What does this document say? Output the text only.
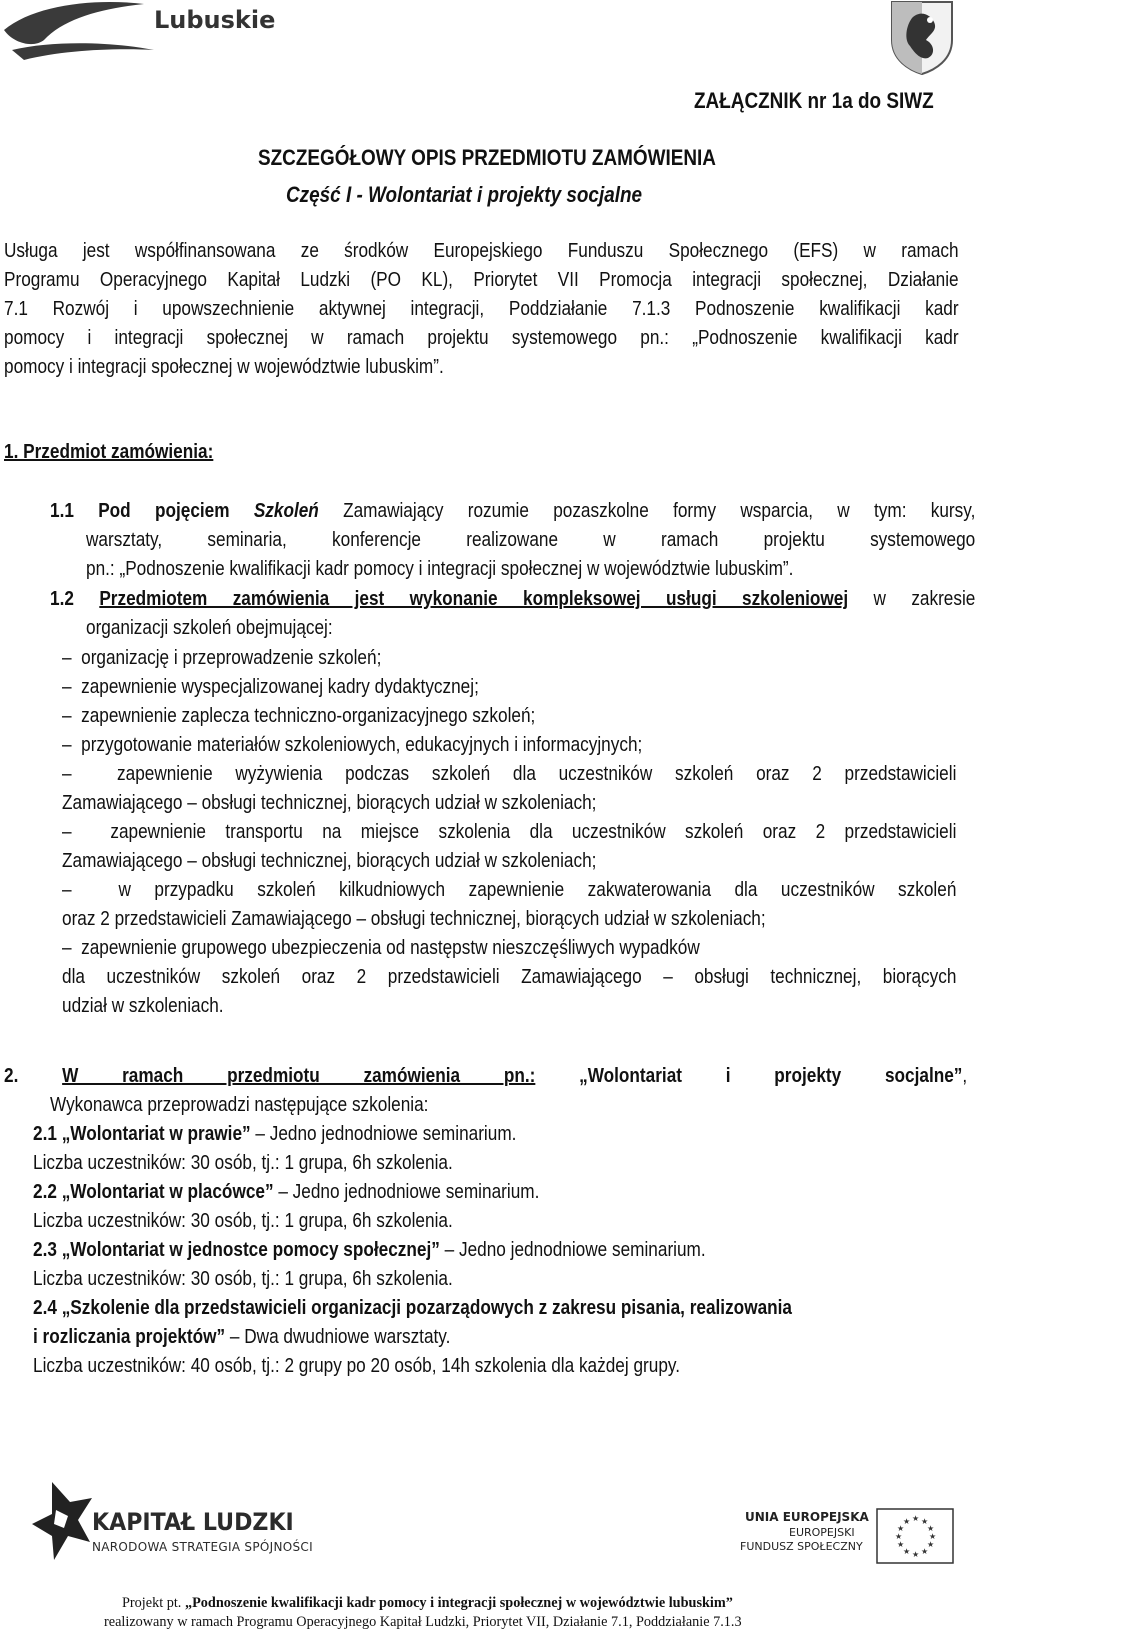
Lubuskie
ZAŁĄCZNIK nr 1a do SIWZ
SZCZEGÓŁOWY OPIS PRZEDMIOTU ZAMÓWIENIA
Część I - Wolontariat i projekty socjalne
Usługa jest współfinansowana ze środków Europejskiego Funduszu Społecznego (EFS) w ramach
Programu Operacyjnego Kapitał Ludzki (PO KL), Priorytet VII Promocja integracji społecznej, Działanie
7.1 Rozwój i upowszechnienie aktywnej integracji, Poddziałanie 7.1.3 Podnoszenie kwalifikacji kadr
pomocy i integracji społecznej w ramach projektu systemowego pn.: „Podnoszenie kwalifikacji kadr
pomocy i integracji społecznej w województwie lubuskim”.
1. Przedmiot zamówienia:
1.1 Pod pojęciem Szkoleń Zamawiający rozumie pozaszkolne formy wsparcia, w tym: kursy,
warsztaty, seminaria, konferencje realizowane w ramach projektu systemowego
pn.: „Podnoszenie kwalifikacji kadr pomocy i integracji społecznej w województwie lubuskim”.
1.2 Przedmiotem zamówienia jest wykonanie kompleksowej usługi szkoleniowej w zakresie
organizacji szkoleń obejmującej:
–  organizację i przeprowadzenie szkoleń;
–  zapewnienie wyspecjalizowanej kadry dydaktycznej;
–  zapewnienie zaplecza techniczno-organizacyjnego szkoleń;
–  przygotowanie materiałów szkoleniowych, edukacyjnych i informacyjnych;
–  zapewnienie wyżywienia podczas szkoleń dla uczestników szkoleń oraz 2 przedstawicieli
Zamawiającego – obsługi technicznej, biorących udział w szkoleniach;
–  zapewnienie transportu na miejsce szkolenia dla uczestników szkoleń oraz 2 przedstawicieli
Zamawiającego – obsługi technicznej, biorących udział w szkoleniach;
–  w przypadku szkoleń kilkudniowych zapewnienie zakwaterowania dla uczestników szkoleń
oraz 2 przedstawicieli Zamawiającego – obsługi technicznej, biorących udział w szkoleniach;
–  zapewnienie grupowego ubezpieczenia od następstw nieszczęśliwych wypadków
dla uczestników szkoleń oraz 2 przedstawicieli Zamawiającego – obsługi technicznej, biorących
udział w szkoleniach.
2. W ramach przedmiotu zamówienia pn.: „Wolontariat i projekty socjalne”,
Wykonawca przeprowadzi następujące szkolenia:
2.1 „Wolontariat w prawie” – Jedno jednodniowe seminarium.
Liczba uczestników: 30 osób, tj.: 1 grupa, 6h szkolenia.
2.2 „Wolontariat w placówce” – Jedno jednodniowe seminarium.
Liczba uczestników: 30 osób, tj.: 1 grupa, 6h szkolenia.
2.3 „Wolontariat w jednostce pomocy społecznej” – Jedno jednodniowe seminarium.
Liczba uczestników: 30 osób, tj.: 1 grupa, 6h szkolenia.
2.4 „Szkolenie dla przedstawicieli organizacji pozarządowych z zakresu pisania, realizowania
i rozliczania projektów” – Dwa dwudniowe warsztaty.
Liczba uczestników: 40 osób, tj.: 2 grupy po 20 osób, 14h szkolenia dla każdej grupy.
KAPITAŁ LUDZKI
NARODOWA STRATEGIA SPÓJNOŚCI
UNIA EUROPEJSKA
EUROPEJSKI
FUNDUSZ SPOŁECZNY
★ ★
★
★
★
★
★
★
★
★
★
★
Projekt pt. „Podnoszenie kwalifikacji kadr pomocy i integracji społecznej w województwie lubuskim”
realizowany w ramach Programu Operacyjnego Kapitał Ludzki, Priorytet VII, Działanie 7.1, Poddziałanie 7.1.3
